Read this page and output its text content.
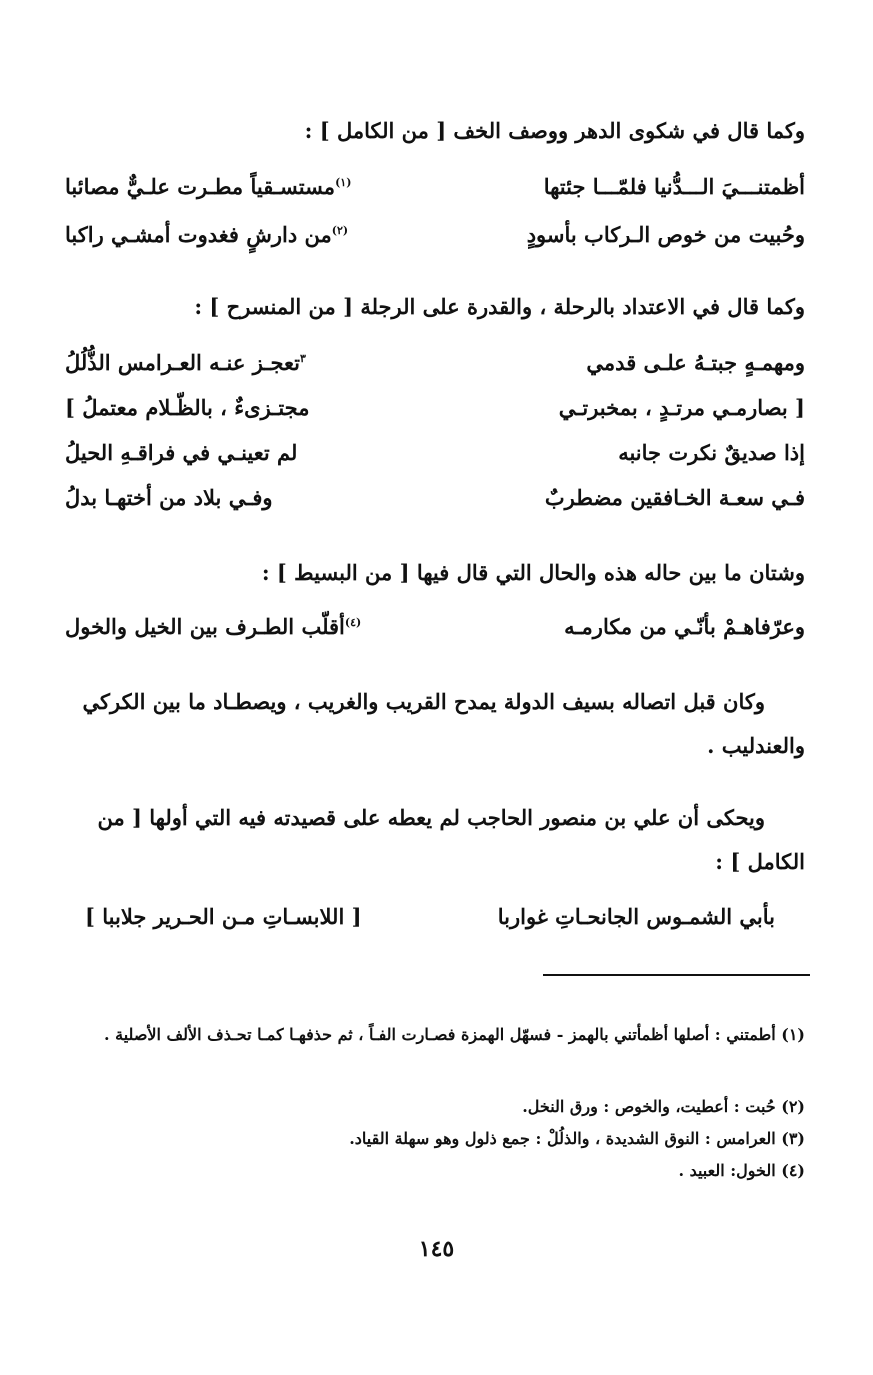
وكما قال في شكوى الدهر ووصف الخف [ من الكامل ] :
أظمتنـــيَ الـــدُّنيا فلمّـــا جئتها
$^{(١)}$مستسـقياً مطـرت علـيٌّ مصائبا
وحُبيت من خوص الـركاب بأسودٍ
$^{(٢)}$من دارشٍ فغدوت أمشـي راكبا
وكما قال في الاعتداد بالرحلة ، والقدرة على الرجلة [ من المنسرح ] :
ومهمـهٍ جبتـهُ علـى قدمي
$^٣$تعجـز عنـه العـرامس الذُّلُلُ
[ بصارمـي مرتـدٍ ، بمخبرتـي
مجتـزىءٌ ، بالظّـلام معتملُ ]
إذا صديقٌ نكرت جانبه
لم تعينـي في فراقـهِ الحيلُ
فـي سعـة الخـافقين مضطربٌ
وفـي بلاد من أختهـا بدلُ
وشتان ما بين حاله هذه والحال التي قال فيها [ من البسيط ] :
وعرّفاهـمْ بأنّـي من مكارمـه
$^{(٤)}$أقلّب الطـرف بين الخيل والخول
وكان قبل اتصاله بسيف الدولة يمدح القريب والغريب ، ويصطـاد ما بين الكركي والعندليب .
ويحكى أن علي بن منصور الحاجب لم يعطه على قصيدته فيه التي أولها [ من الكامل ] :
بأبي الشمـوس الجانحـاتِ غواربا
[ اللابسـاتِ مـن الحـرير جلاببا ]
(١) أطمتني : أصلها أظمأتني بالهمز - فسهّل الهمزة فصـارت الفـاً ، ثم حذفهـا كمـا تحـذف الألف الأصلية .
(٢) حُبت : أعطيت، والخوص : ورق النخل.
(٣) العرامس : النوق الشديدة ، والذلُلْ : جمع ذلول وهو سهلة القياد.
(٤) الخول: العبيد .
١٤٥
